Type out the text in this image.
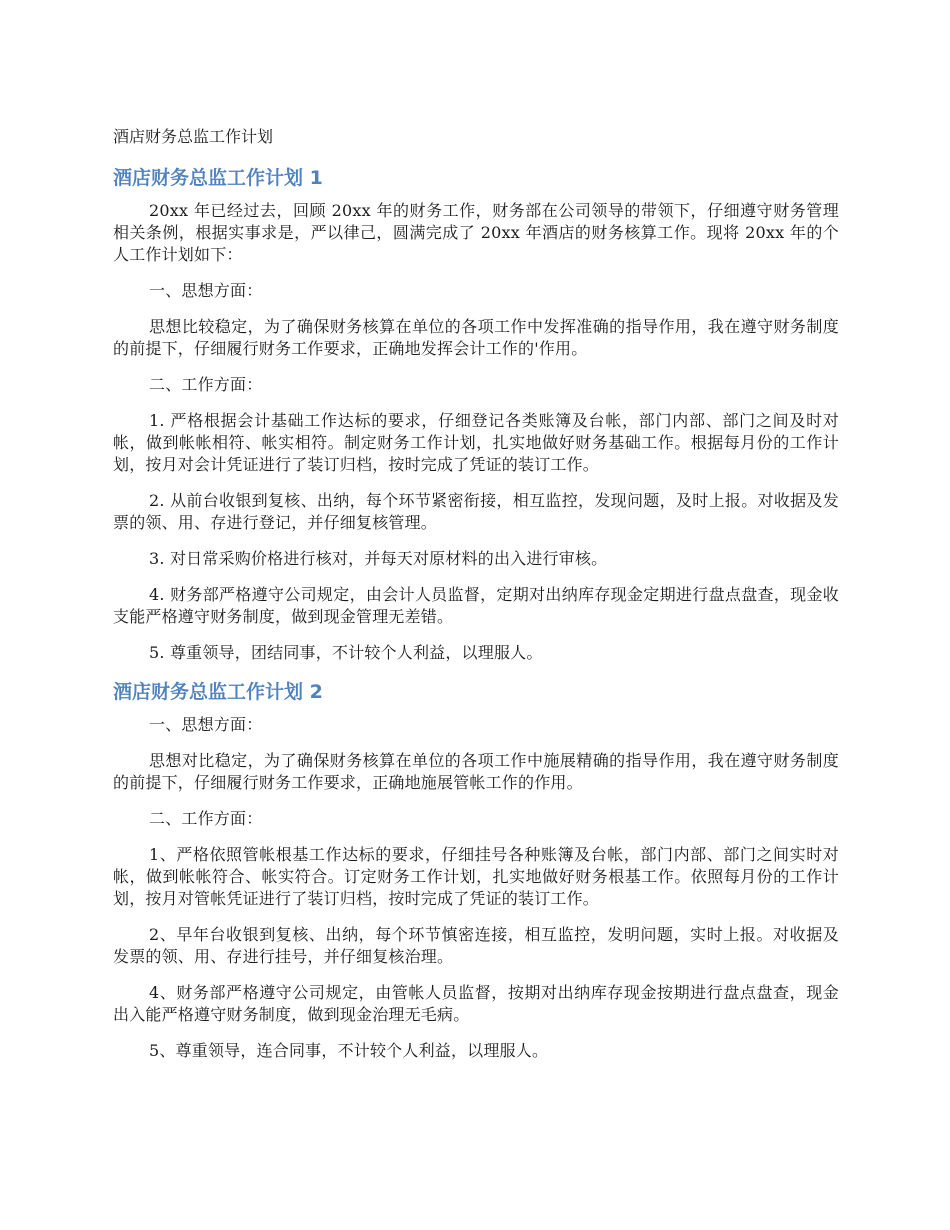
酒店财务总监工作计划

酒店财务总监工作计划 1

20xx 年已经过去，回顾 20xx 年的财务工作，财务部在公司领导的带领下，仔细遵守财务管理相关条例，根据实事求是，严以律己，圆满完成了 20xx 年酒店的财务核算工作。现将 20xx 年的个人工作计划如下：

一、思想方面：

思想比较稳定，为了确保财务核算在单位的各项工作中发挥准确的指导作用，我在遵守财务制度的前提下，仔细履行财务工作要求，正确地发挥会计工作的'作用。

二、工作方面：

1. 严格根据会计基础工作达标的要求，仔细登记各类账簿及台帐，部门内部、部门之间及时对帐，做到帐帐相符、帐实相符。制定财务工作计划，扎实地做好财务基础工作。根据每月份的工作计划，按月对会计凭证进行了装订归档，按时完成了凭证的装订工作。

2. 从前台收银到复核、出纳，每个环节紧密衔接，相互监控，发现问题，及时上报。对收据及发票的领、用、存进行登记，并仔细复核管理。

3. 对日常采购价格进行核对，并每天对原材料的出入进行审核。

4. 财务部严格遵守公司规定，由会计人员监督，定期对出纳库存现金定期进行盘点盘查，现金收支能严格遵守财务制度，做到现金管理无差错。

5. 尊重领导，团结同事，不计较个人利益，以理服人。

酒店财务总监工作计划 2

一、思想方面：

思想对比稳定，为了确保财务核算在单位的各项工作中施展精确的指导作用，我在遵守财务制度的前提下，仔细履行财务工作要求，正确地施展管帐工作的作用。

二、工作方面：

1、严格依照管帐根基工作达标的要求，仔细挂号各种账簿及台帐，部门内部、部门之间实时对帐，做到帐帐符合、帐实符合。订定财务工作计划，扎实地做好财务根基工作。依照每月份的工作计划，按月对管帐凭证进行了装订归档，按时完成了凭证的装订工作。

2、早年台收银到复核、出纳，每个环节慎密连接，相互监控，发明问题，实时上报。对收据及发票的领、用、存进行挂号，并仔细复核治理。

4、财务部严格遵守公司规定，由管帐人员监督，按期对出纳库存现金按期进行盘点盘查，现金出入能严格遵守财务制度，做到现金治理无毛病。

5、尊重领导，连合同事，不计较个人利益，以理服人。
